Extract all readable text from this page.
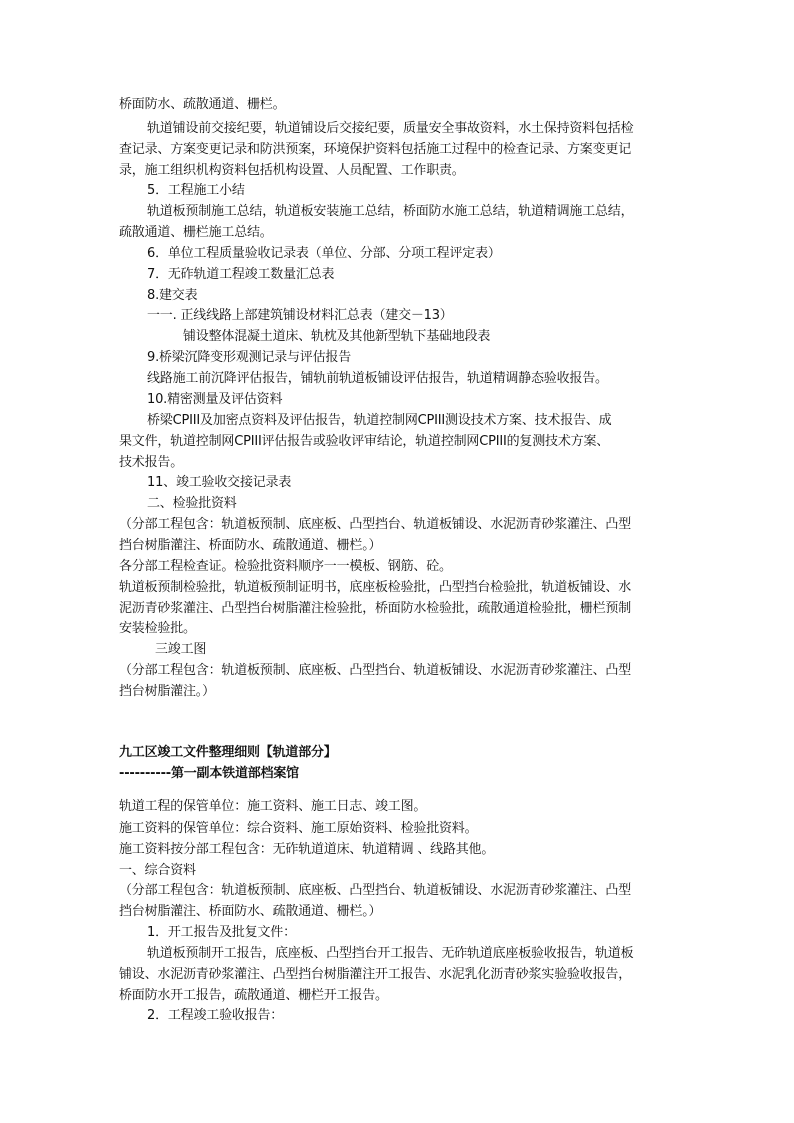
桥面防水、疏散通道、栅栏。
轨道铺设前交接纪要，轨道铺设后交接纪要，质量安全事故资料，水土保持资料包括检
查记录、方案变更记录和防洪预案，环境保护资料包括施工过程中的检查记录、方案变更记
录，施工组织机构资料包括机构设置、人员配置、工作职责。
5．工程施工小结
轨道板预制施工总结，轨道板安装施工总结，桥面防水施工总结，轨道精调施工总结，
疏散通道、栅栏施工总结。
6．单位工程质量验收记录表（单位、分部、分项工程评定表）
7．无砟轨道工程竣工数量汇总表
8.建交表
一一. 正线线路上部建筑铺设材料汇总表（建交－13）
铺设整体混凝土道床、轨枕及其他新型轨下基础地段表
9.桥梁沉降变形观测记录与评估报告
线路施工前沉降评估报告，铺轨前轨道板铺设评估报告，轨道精调静态验收报告。
10.精密测量及评估资料
桥梁CPIII及加密点资料及评估报告，轨道控制网CPIII测设技术方案、技术报告、成
果文件，轨道控制网CPIII评估报告或验收评审结论，轨道控制网CPIII的复测技术方案、
技术报告。
11、竣工验收交接记录表
二、检验批资料
（分部工程包含：轨道板预制、底座板、凸型挡台、轨道板铺设、水泥沥青砂浆灌注、凸型
挡台树脂灌注、桥面防水、疏散通道、栅栏。）
各分部工程检查证。检验批资料顺序一一模板、钢筋、砼。
轨道板预制检验批，轨道板预制证明书，底座板检验批，凸型挡台检验批，轨道板铺设、水
泥沥青砂浆灌注、凸型挡台树脂灌注检验批，桥面防水检验批，疏散通道检验批，栅栏预制
安装检验批。
三竣工图
（分部工程包含：轨道板预制、底座板、凸型挡台、轨道板铺设、水泥沥青砂浆灌注、凸型
挡台树脂灌注。）
九工区竣工文件整理细则【轨道部分】
----------第一副本铁道部档案馆
轨道工程的保管单位：施工资料、施工日志、竣工图。
施工资料的保管单位：综合资料、施工原始资料、检验批资料。
施工资料按分部工程包含：无砟轨道道床、轨道精调 、线路其他。
一、综合资料
（分部工程包含：轨道板预制、底座板、凸型挡台、轨道板铺设、水泥沥青砂浆灌注、凸型
挡台树脂灌注、桥面防水、疏散通道、栅栏。）
1．开工报告及批复文件：
轨道板预制开工报告，底座板、凸型挡台开工报告、无砟轨道底座板验收报告，轨道板
铺设、水泥沥青砂浆灌注、凸型挡台树脂灌注开工报告、水泥乳化沥青砂浆实验验收报告，
桥面防水开工报告，疏散通道、栅栏开工报告。
2．工程竣工验收报告：
